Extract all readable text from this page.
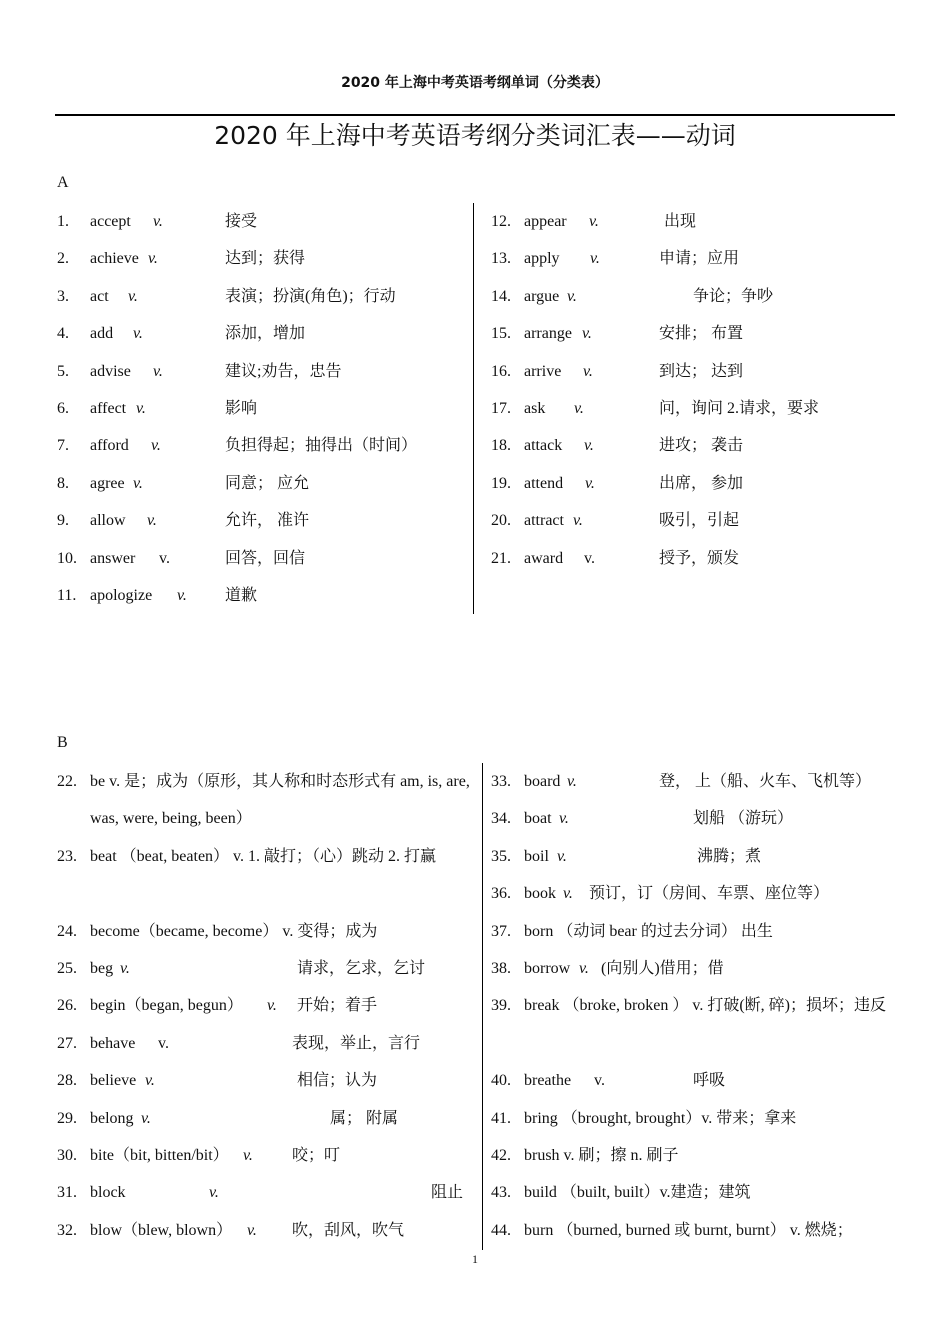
2020 年上海中考英语考纲单词（分类表）
2020 年上海中考英语考纲分类词汇表——动词
A
1. accept v.	接受
2. achieve v.	达到；获得
3. act v.	表演；扮演(角色)；行动
4. add v.	添加，增加
5. advise v.	建议;劝告，忠告
6. affect v.	影响
7. afford v.	负担得起；抽得出（时间）
8. agree v.	同意； 应允
9. allow v.	允许， 准许
10. answer v.	回答，回信
11. apologize v. 道歉
12. appear v.	出现
13. apply v.	申请；应用
14. argue v.	争论；争吵
15. arrange v.	安排； 布置
16. arrive v.	到达； 达到
17. ask v.	问，询问 2.请求，要求
18. attack v.	进攻； 袭击
19. attend v.	出席， 参加
20. attract v.	吸引，引起
21. award v.	授予，颁发
B
22. be v. 是；成为（原形，其人称和时态形式有 am, is, are, was, were, being, been）
23. beat （beat, beaten） v. 1. 敲打；（心）跳动 2. 打赢
24. become（became, become） v. 变得；成为
25. beg v.	请求，乞求，乞讨
26. begin（began, begun） v. 开始；着手
27. behave v.	表现，举止，言行
28. believe v.	相信；认为
29. belong v.	属； 附属
30. bite（bit, bitten/bit） v. 咬；叮
31. block	v.	阻止
32. blow（blew, blown） v. 吹，刮风，吹气
33. board v.	登， 上（船、火车、飞机等）
34. boat v.	划船 （游玩）
35. boil v.	沸腾；煮
36. book v. 预订，订（房间、车票、座位等）
37. born （动词 bear 的过去分词） 出生
38. borrow v. (向别人)借用；借
39. break （broke, broken ） v. 打破(断, 碎)；损坏；违反
40. breathe v.	呼吸
41. bring （brought, brought）v. 带来；拿来
42. brush v. 刷；擦 n. 刷子
43. build （built, built）v.建造；建筑
44. burn （burned, burned 或 burnt, burnt） v. 燃烧；
1
